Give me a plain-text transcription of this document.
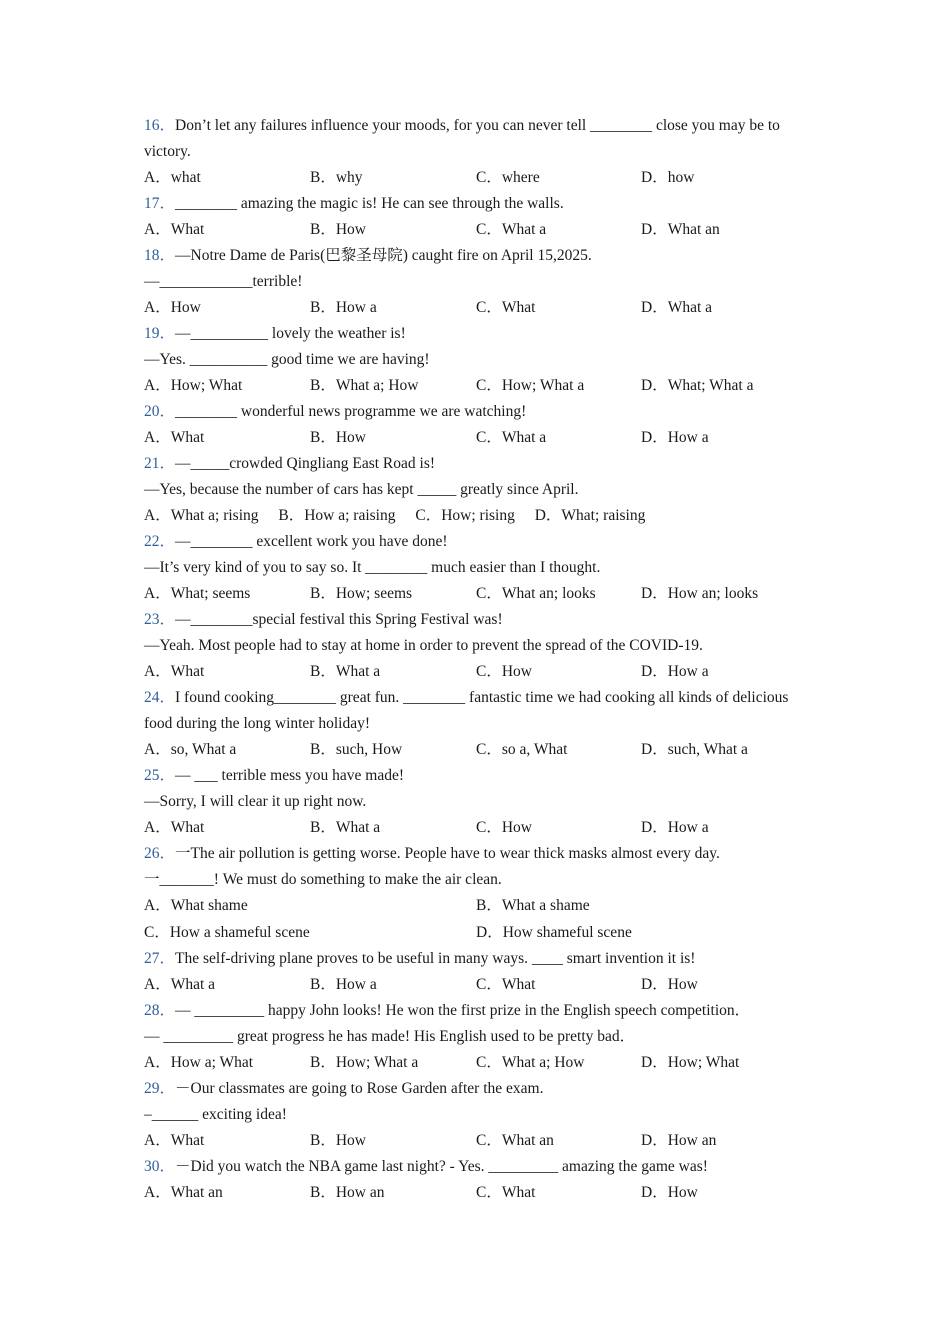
16．Don’t let any failures influence your moods, for you can never tell ________ close you may be to victory.
A．what	B．why	C．where	D．how
17．________ amazing the magic is! He can see through the walls.
A．What	B．How	C．What a	D．What an
18．—Notre Dame de Paris(巴黎圣母院) caught fire on April 15,2025.
—____________terrible!
A．How	B．How a	C．What	D．What a
19．—__________ lovely the weather is!
—Yes. __________ good time we are having!
A．How; What	B．What a; How	C．How; What a	D．What; What a
20．________ wonderful news programme we are watching!
A．What	B．How	C．What a	D．How a
21．—_____crowded Qingliang East Road is!
—Yes, because the number of cars has kept _____ greatly since April.
A．What a; rising B．How a; raising C．How; rising D．What; raising
22．—________ excellent work you have done!
—It’s very kind of you to say so. It ________ much easier than I thought.
A．What; seems	B．How; seems	C．What an; looks	D．How an; looks
23．—________special festival this Spring Festival was!
—Yeah. Most people had to stay at home in order to prevent the spread of the COVID-19.
A．What	B．What a	C．How	D．How a
24．I found cooking________ great fun. ________ fantastic time we had cooking all kinds of delicious food during the long winter holiday!
A．so, What a	B．such, How	C．so a, What	D．such, What a
25．— ___ terrible mess you have made!
—Sorry, I will clear it up right now.
A．What	B．What a	C．How	D．How a
26．一The air pollution is getting worse. People have to wear thick masks almost every day.
一_______! We must do something to make the air clean.
A．What shame	B．What a shame
C．How a shameful scene	D．How shameful scene
27．The self-driving plane proves to be useful in many ways. ____ smart invention it is!
A．What a	B．How a	C．What	D．How
28．— _________ happy John looks! He won the first prize in the English speech competition．
— _________ great progress he has made! His English used to be pretty bad．
A．How a; What	B．How; What a	C．What a; How	D．How; What
29．－Our classmates are going to Rose Garden after the exam.
–______ exciting idea!
A．What	B．How	C．What an	D．How an
30．－Did you watch the NBA game last night? - Yes. _________ amazing the game was!
A．What an	B．How an	C．What	D．How
